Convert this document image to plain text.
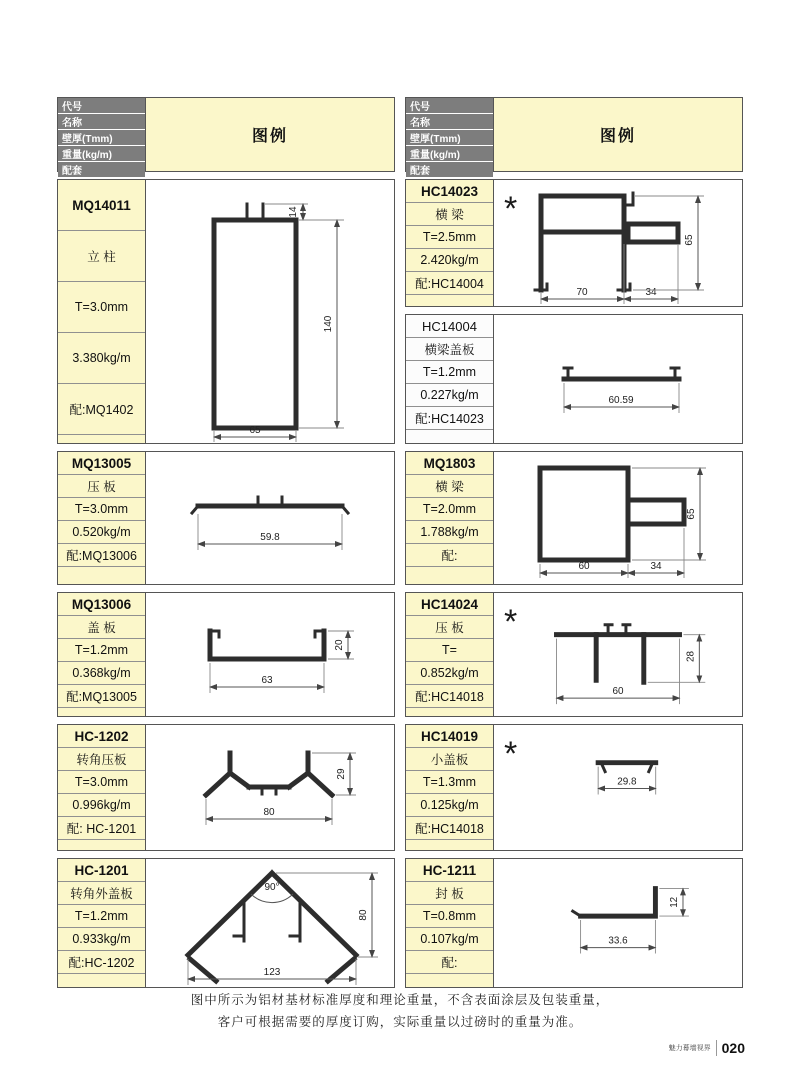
代号
名称
壁厚(Tmm)
重量(kg/m)
配套
图例
MQ14011
立 柱
T=3.0mm
3.380kg/m
配:MQ1402
14
140
65
MQ13005
压 板
T=3.0mm
0.520kg/m
配:MQ13006
59.8
MQ13006
盖 板
T=1.2mm
0.368kg/m
配:MQ13005
63
20
HC-1202
转角压板
T=3.0mm
0.996kg/m
配: HC-1201
80
29
HC-1201
转角外盖板
T=1.2mm
0.933kg/m
配:HC-1202
90°
123
80
代号
名称
壁厚(Tmm)
重量(kg/m)
配套
图例
HC14023
横 梁
T=2.5mm
2.420kg/m
配:HC14004
*
70	34
65
HC14004
横梁盖板
T=1.2mm
0.227kg/m
配:HC14023
60.59
MQ1803
横 梁
T=2.0mm
1.788kg/m
配:
60	34
65
HC14024
压 板
T=
0.852kg/m
配:HC14018
*
60
28
HC14019
小盖板
T=1.3mm
0.125kg/m
配:HC14018
*
29.8
HC-1211
封 板
T=0.8mm
0.107kg/m
配:
33.6
12
图中所示为铝材基材标准厚度和理论重量，不含表面涂层及包装重量，
客户可根据需要的厚度订购，实际重量以过磅时的重量为准。
魅力幕墙视界 020
